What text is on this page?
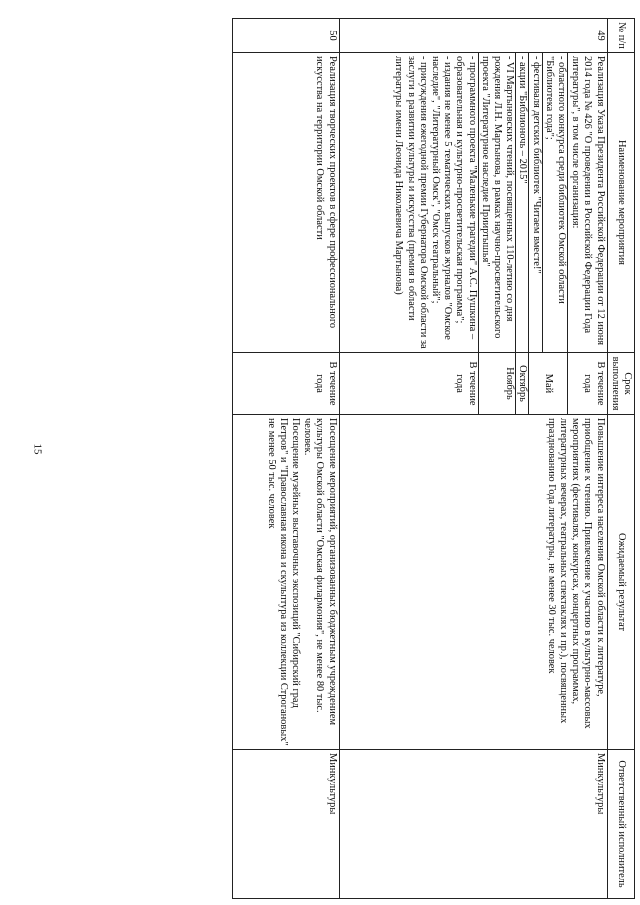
15
№ п/п	Наименование мероприятия	Срок выполнения	Ожидаемый результат	Ответственный исполнитель
49	Реализация Указа Президента Российской Федерации от 12 июня 2014 года № 426 "О проведении в Российской Федерации Года литературы", в том числе организация:	В течение года	Повышение интереса населения Омской области к литературе, приобщение к чтению. Привлечение к участию в культурно-массовых мероприятиях (фестивалях, конкурсах, концертных программах, литературных вечерах, театральных спектаклях и пр.), посвященных празднованию Года литературы, не менее 30 тыс. человек	Минкультуры
	- областного конкурса среди библиотек Омской области "Библиотека года";	Май		
	- фестиваля детских библиотек "Читаем вместе!"			
	- акции "Библионочь – 2015"	Октябрь		
	- VI Мартыновских чтений, посвященных 110-летию со дня рождения Л.Н. Мартынова, в рамках научно-просветительского проекта "Литературное наследие Прииртышья"	Ноябрь		
	- программного проекта "Маленькие трагедии" А.С. Пушкина – образовательная и культурно-просветительская программа";
- издания не менее 5 тематических выпусков журналов "Омское наследие", "Литературный Омск", "Омск театральный";
- присуждения ежегодной премии Губернатора Омской области за заслуги в развитии культуры и искусства (премия в области литературы имени Леонида Николаевича Мартынова)	В течение года		
50	Реализация творческих проектов в сфере профессионального искусства на территории Омской области	В течение года	Посещение мероприятий, организованных бюджетным учреждением культуры Омской области "Омская филармония", не менее 80 тыс. человек.
Посещение музейных выставочных экспозиций "Сибирский град Петров" и "Православная икона и скульптура из коллекции Строгановых" не менее 50 тыс. человек	Минкультуры
